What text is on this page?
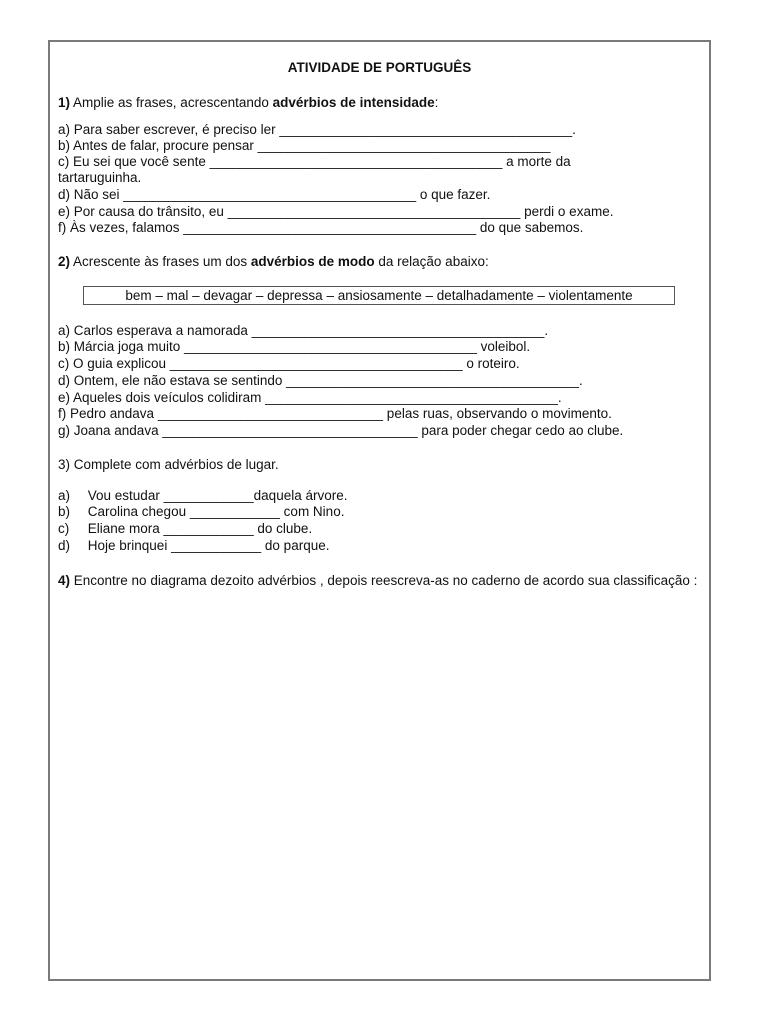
ATIVIDADE DE PORTUGUÊS
1) Amplie as frases, acrescentando advérbios de intensidade:
a) Para saber escrever, é preciso ler _______________________________________.
b) Antes de falar, procure pensar _______________________________________
c) Eu sei que você sente _______________________________________ a morte da
tartaruguinha.
d) Não sei _______________________________________ o que fazer.
e) Por causa do trânsito, eu _______________________________________ perdi o exame.
f) Às vezes, falamos _______________________________________ do que sabemos.
2) Acrescente às frases um dos advérbios de modo da relação abaixo:
bem – mal – devagar – depressa – ansiosamente – detalhadamente – violentamente
a) Carlos esperava a namorada _______________________________________.
b) Márcia joga muito _______________________________________ voleibol.
c) O guia explicou _______________________________________ o roteiro.
d) Ontem, ele não estava se sentindo _______________________________________.
e) Aqueles dois veículos colidiram _______________________________________.
f) Pedro andava ______________________________ pelas ruas, observando o movimento.
g) Joana andava __________________________________ para poder chegar cedo ao clube.
3) Complete com advérbios de lugar.
a) Vou estudar ____________daquela árvore.
b) Carolina chegou ____________ com Nino.
c) Eliane mora ____________ do clube.
d) Hoje brinquei ____________ do parque.
4) Encontre no diagrama dezoito advérbios , depois reescreva-as no caderno de acordo sua classificação :
